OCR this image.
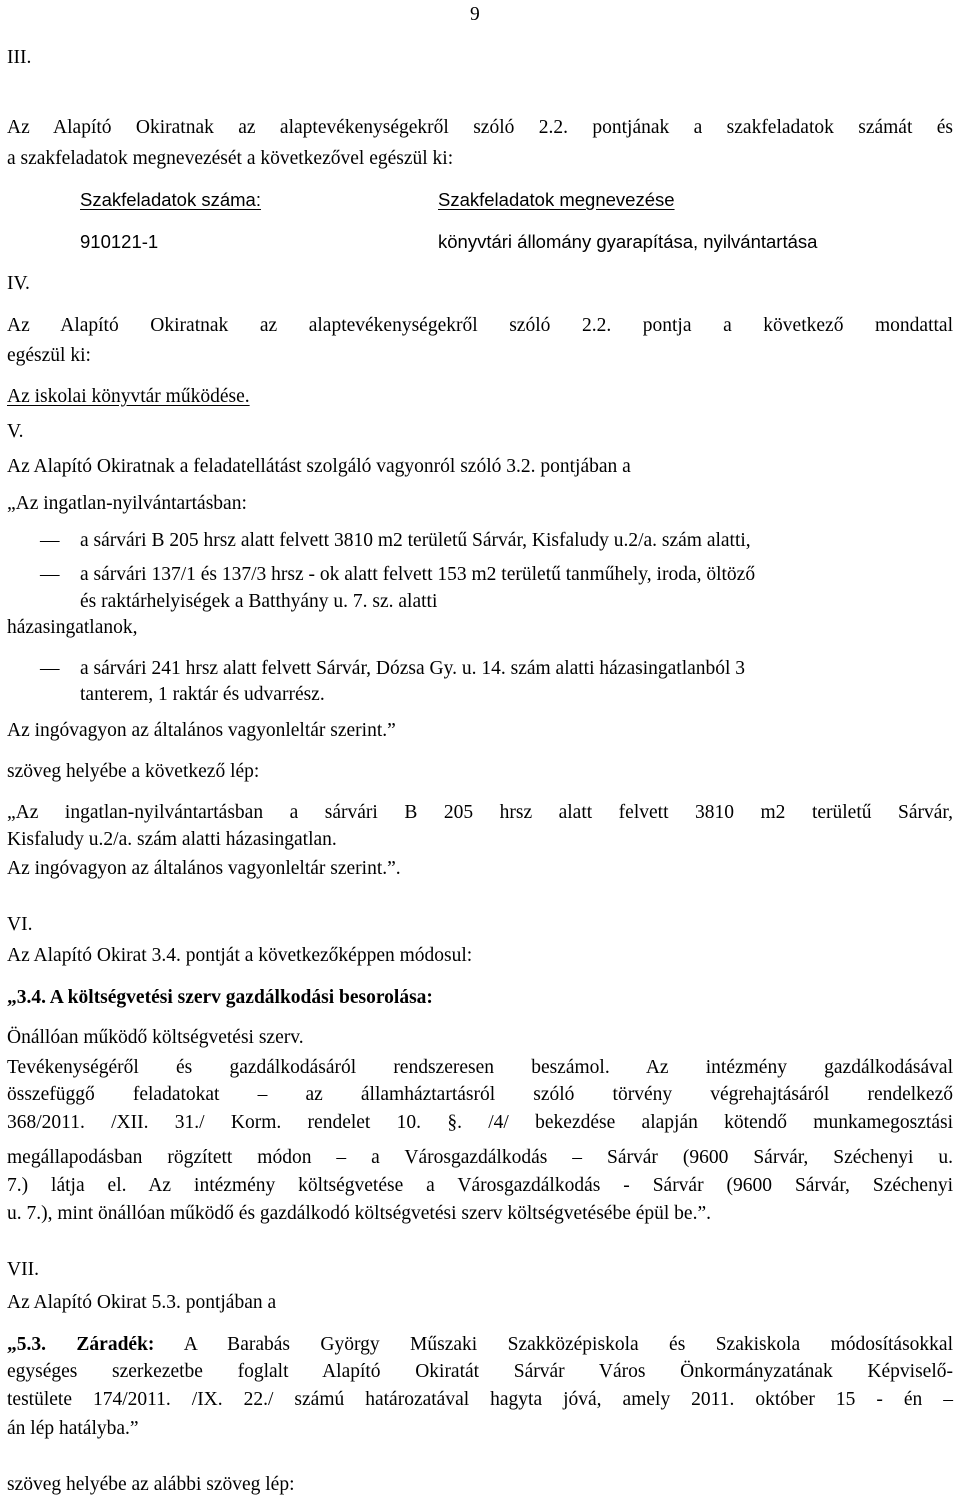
9
III.
Az Alapító Okiratnak az alaptevékenységekről szóló 2.2. pontjának a szakfeladatok számát és
a szakfeladatok megnevezését a következővel egészül ki:
Szakfeladatok száma:	Szakfeladatok megnevezése
910121-1	könyvtári állomány gyarapítása, nyilvántartása
IV.
Az Alapító Okiratnak az alaptevékenységekről szóló 2.2. pontja a következő mondattal
egészül ki:
Az iskolai könyvtár működése.
V.
Az Alapító Okiratnak a feladatellátást szolgáló vagyonról szóló 3.2. pontjában a
„Az ingatlan-nyilvántartásban:
— a sárvári B 205 hrsz alatt felvett 3810 m2 területű Sárvár, Kisfaludy u.2/a. szám alatti,
— a sárvári 137/1 és 137/3 hrsz - ok alatt felvett 153 m2 területű tanműhely, iroda, öltöző
és raktárhelyiségek a Batthyány u. 7. sz. alatti
házasingatlanok,
— a sárvári 241 hrsz alatt felvett Sárvár, Dózsa Gy. u. 14. szám alatti házasingatlanból 3
tanterem, 1 raktár és udvarrész.
Az ingóvagyon az általános vagyonleltár szerint.”
szöveg helyébe a következő lép:
„Az ingatlan-nyilvántartásban a sárvári B 205 hrsz alatt felvett 3810 m2 területű Sárvár,
Kisfaludy u.2/a. szám alatti házasingatlan.
Az ingóvagyon az általános vagyonleltár szerint.”.
VI.
Az Alapító Okirat 3.4. pontját a következőképpen módosul:
„3.4. A költségvetési szerv gazdálkodási besorolása:
Önállóan működő költségvetési szerv.
Tevékenységéről és gazdálkodásáról rendszeresen beszámol. Az intézmény gazdálkodásával
összefüggő feladatokat – az államháztartásról szóló törvény végrehajtásáról rendelkező
368/2011. /XII. 31./ Korm. rendelet 10. §. /4/ bekezdése alapján kötendő munkamegosztási
megállapodásban rögzített módon – a Városgazdálkodás – Sárvár (9600 Sárvár, Széchenyi u.
7.) látja el. Az intézmény költségvetése a Városgazdálkodás - Sárvár (9600 Sárvár, Széchenyi
u. 7.), mint önállóan működő és gazdálkodó költségvetési szerv költségvetésébe épül be.”.
VII.
Az Alapító Okirat 5.3. pontjában a
„5.3. Záradék: A Barabás György Műszaki Szakközépiskola és Szakiskola módosításokkal
egységes szerkezetbe foglalt Alapító Okiratát Sárvár Város Önkormányzatának Képviselő-
testülete 174/2011. /IX. 22./ számú határozatával hagyta jóvá, amely 2011. október 15 - én –
án lép hatályba.”
szöveg helyébe az alábbi szöveg lép:
